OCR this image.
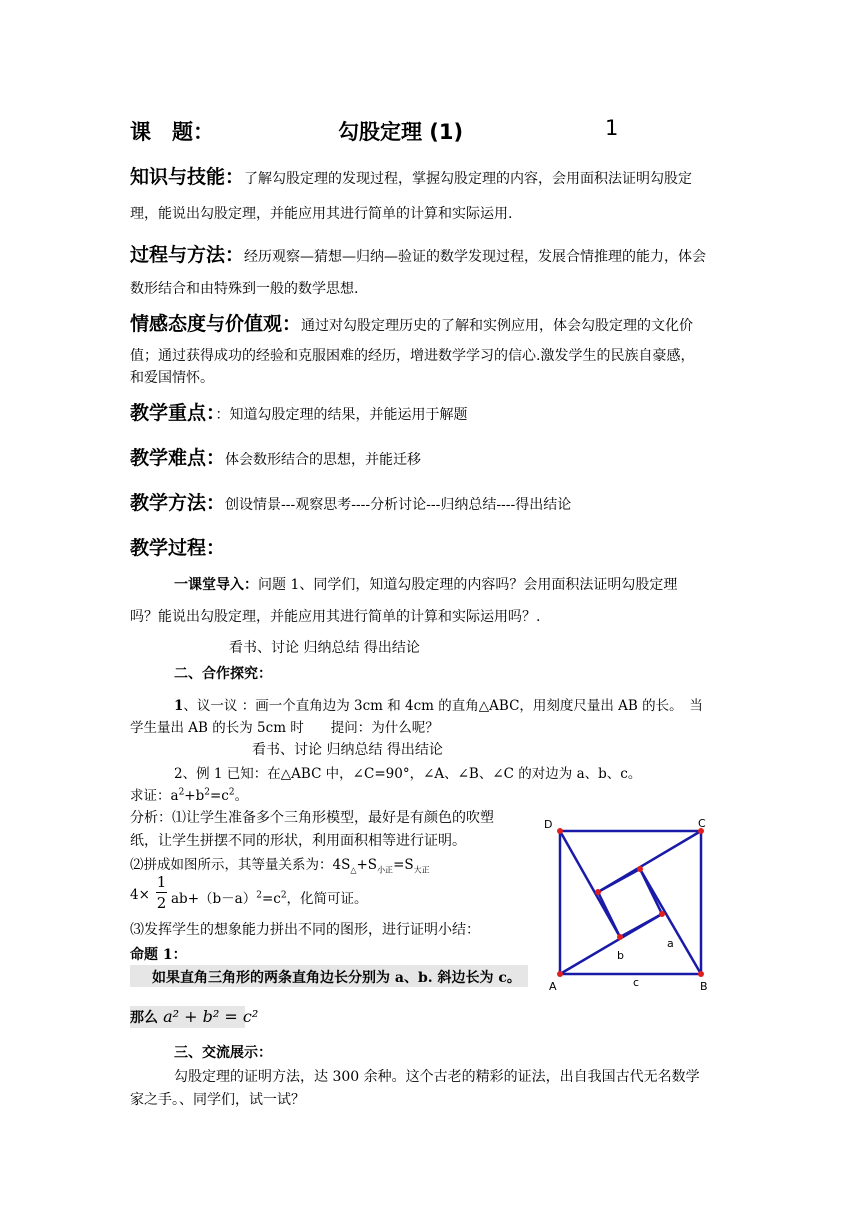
课　题：	勾股定理 (1)	1
知识与技能：了解勾股定理的发现过程，掌握勾股定理的内容，会用面积法证明勾股定
理，能说出勾股定理，并能应用其进行简单的计算和实际运用.
过程与方法：经历观察—猜想—归纳—验证的数学发现过程，发展合情推理的能力，体会
数形结合和由特殊到一般的数学思想.
情感态度与价值观：通过对勾股定理历史的了解和实例应用，体会勾股定理的文化价
值；通过获得成功的经验和克服困难的经历，增进数学学习的信心.激发学生的民族自豪感，
和爱国情怀。
教学重点：：知道勾股定理的结果，并能运用于解题
教学难点：体会数形结合的思想，并能迁移
教学方法：创设情景---观察思考----分析讨论---归纳总结----得出结论
教学过程：
一课堂导入：问题 1、同学们，知道勾股定理的内容吗？会用面积法证明勾股定理
吗？能说出勾股定理，并能应用其进行简单的计算和实际运用吗？.
看书、讨论 归纳总结 得出结论
二、合作探究：
1、议一议 ：画一个直角边为 3cm 和 4cm 的直角△ABC，用刻度尺量出 AB 的长。　当
学生量出 AB 的长为 5cm 时　　提问：为什么呢？
看书、讨论 归纳总结 得出结论
2、例 1 已知：在△ABC 中，∠C=90°，∠A、∠B、∠C 的对边为 a、b、c。
求证：$a^2+b^2=c^2$。
分析：⑴让学生准备多个三角形模型，最好是有颜色的吹塑
纸，让学生拼摆不同的形状，利用面积相等进行证明。
⑵拼成如图所示，其等量关系为：$4S_\triangle+S_{小正}=S_{大正}$
4×
1
2 $ab+(b-a)^2=c^2$，化简可证。
⑶发挥学生的想象能力拼出不同的图形，进行证明小结：
命题 1：
如果直角三角形的两条直角边长分别为 a、b. 斜边长为 c。
那么 a² + b² = c²
三、交流展示：
勾股定理的证明方法，达 300 余种。这个古老的精彩的证法，出自我国古代无名数学
家之手。、同学们，试一试？
D	C
A	B
a
b
c
